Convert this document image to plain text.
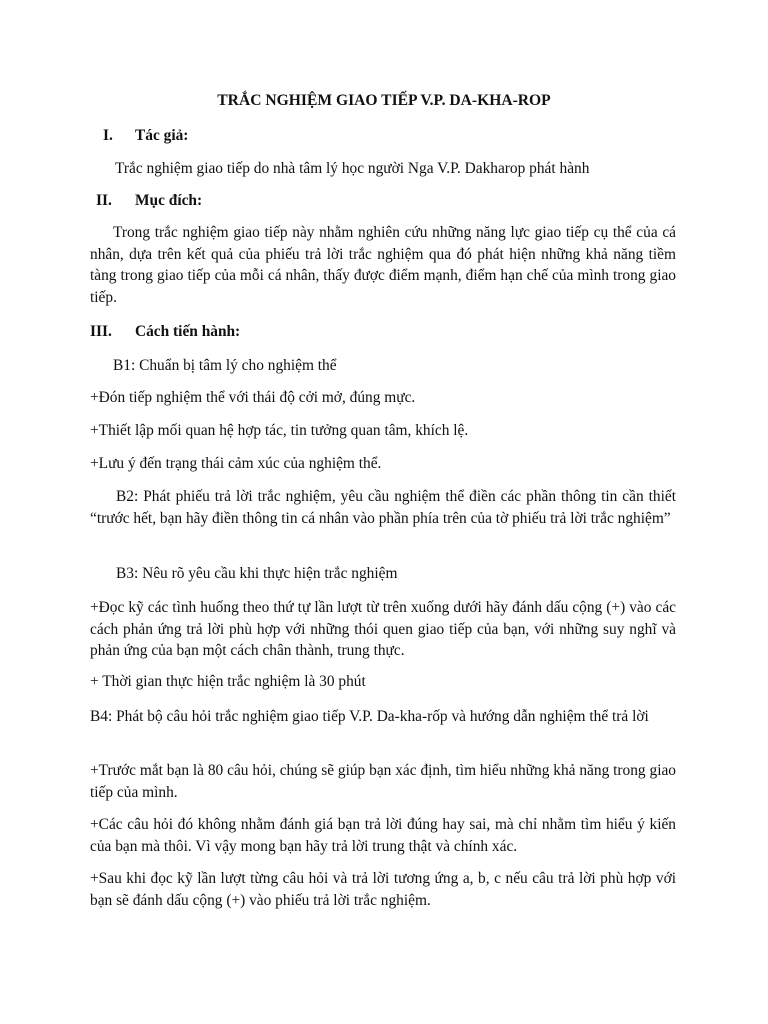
TRẮC NGHIỆM GIAO TIẾP V.P. DA-KHA-ROP
I. Tác giả:
Trắc nghiệm giao tiếp do nhà tâm lý học người Nga V.P. Dakharop phát hành
II. Mục đích:
Trong trắc nghiệm giao tiếp này nhằm nghiên cứu những năng lực giao tiếp cụ thể của cá nhân, dựa trên kết quả của phiếu trả lời trắc nghiệm qua đó phát hiện những khả năng tiềm tàng trong giao tiếp của mỗi cá nhân, thấy được điểm mạnh, điểm hạn chế của mình trong giao tiếp.
III. Cách tiến hành:
B1: Chuẩn bị tâm lý cho nghiệm thể
+Đón tiếp nghiệm thể với thái độ cởi mở, đúng mực.
+Thiết lập mối quan hệ hợp tác, tin tưởng quan tâm, khích lệ.
+Lưu ý đến trạng thái cảm xúc của nghiệm thể.
B2: Phát phiếu trả lời trắc nghiệm, yêu cầu nghiệm thể điền các phần thông tin cần thiết “trước hết, bạn hãy điền thông tin cá nhân vào phần phía trên của tờ phiếu trả lời trắc nghiệm”
B3: Nêu rõ yêu cầu khi thực hiện trắc nghiệm
+Đọc kỹ các tình huống theo thứ tự lần lượt từ trên xuống dưới hãy đánh dấu cộng (+) vào các cách phản ứng trả lời phù hợp với những thói quen giao tiếp của bạn, với những suy nghĩ và phản ứng của bạn một cách chân thành, trung thực.
+ Thời gian thực hiện trắc nghiệm là 30 phút
B4: Phát bộ câu hỏi trắc nghiệm giao tiếp V.P. Da-kha-rốp và hướng dẫn nghiệm thể trả lời
+Trước mắt bạn là 80 câu hỏi, chúng sẽ giúp bạn xác định, tìm hiểu những khả năng trong giao tiếp của mình.
+Các câu hỏi đó không nhằm đánh giá bạn trả lời đúng hay sai, mà chỉ nhằm tìm hiểu ý kiến của bạn mà thôi. Vì vậy mong bạn hãy trả lời trung thật và chính xác.
+Sau khi đọc kỹ lần lượt từng câu hỏi và trả lời tương ứng a, b, c nếu câu trả lời phù hợp với bạn sẽ đánh dấu cộng (+) vào phiếu trả lời trắc nghiệm.
